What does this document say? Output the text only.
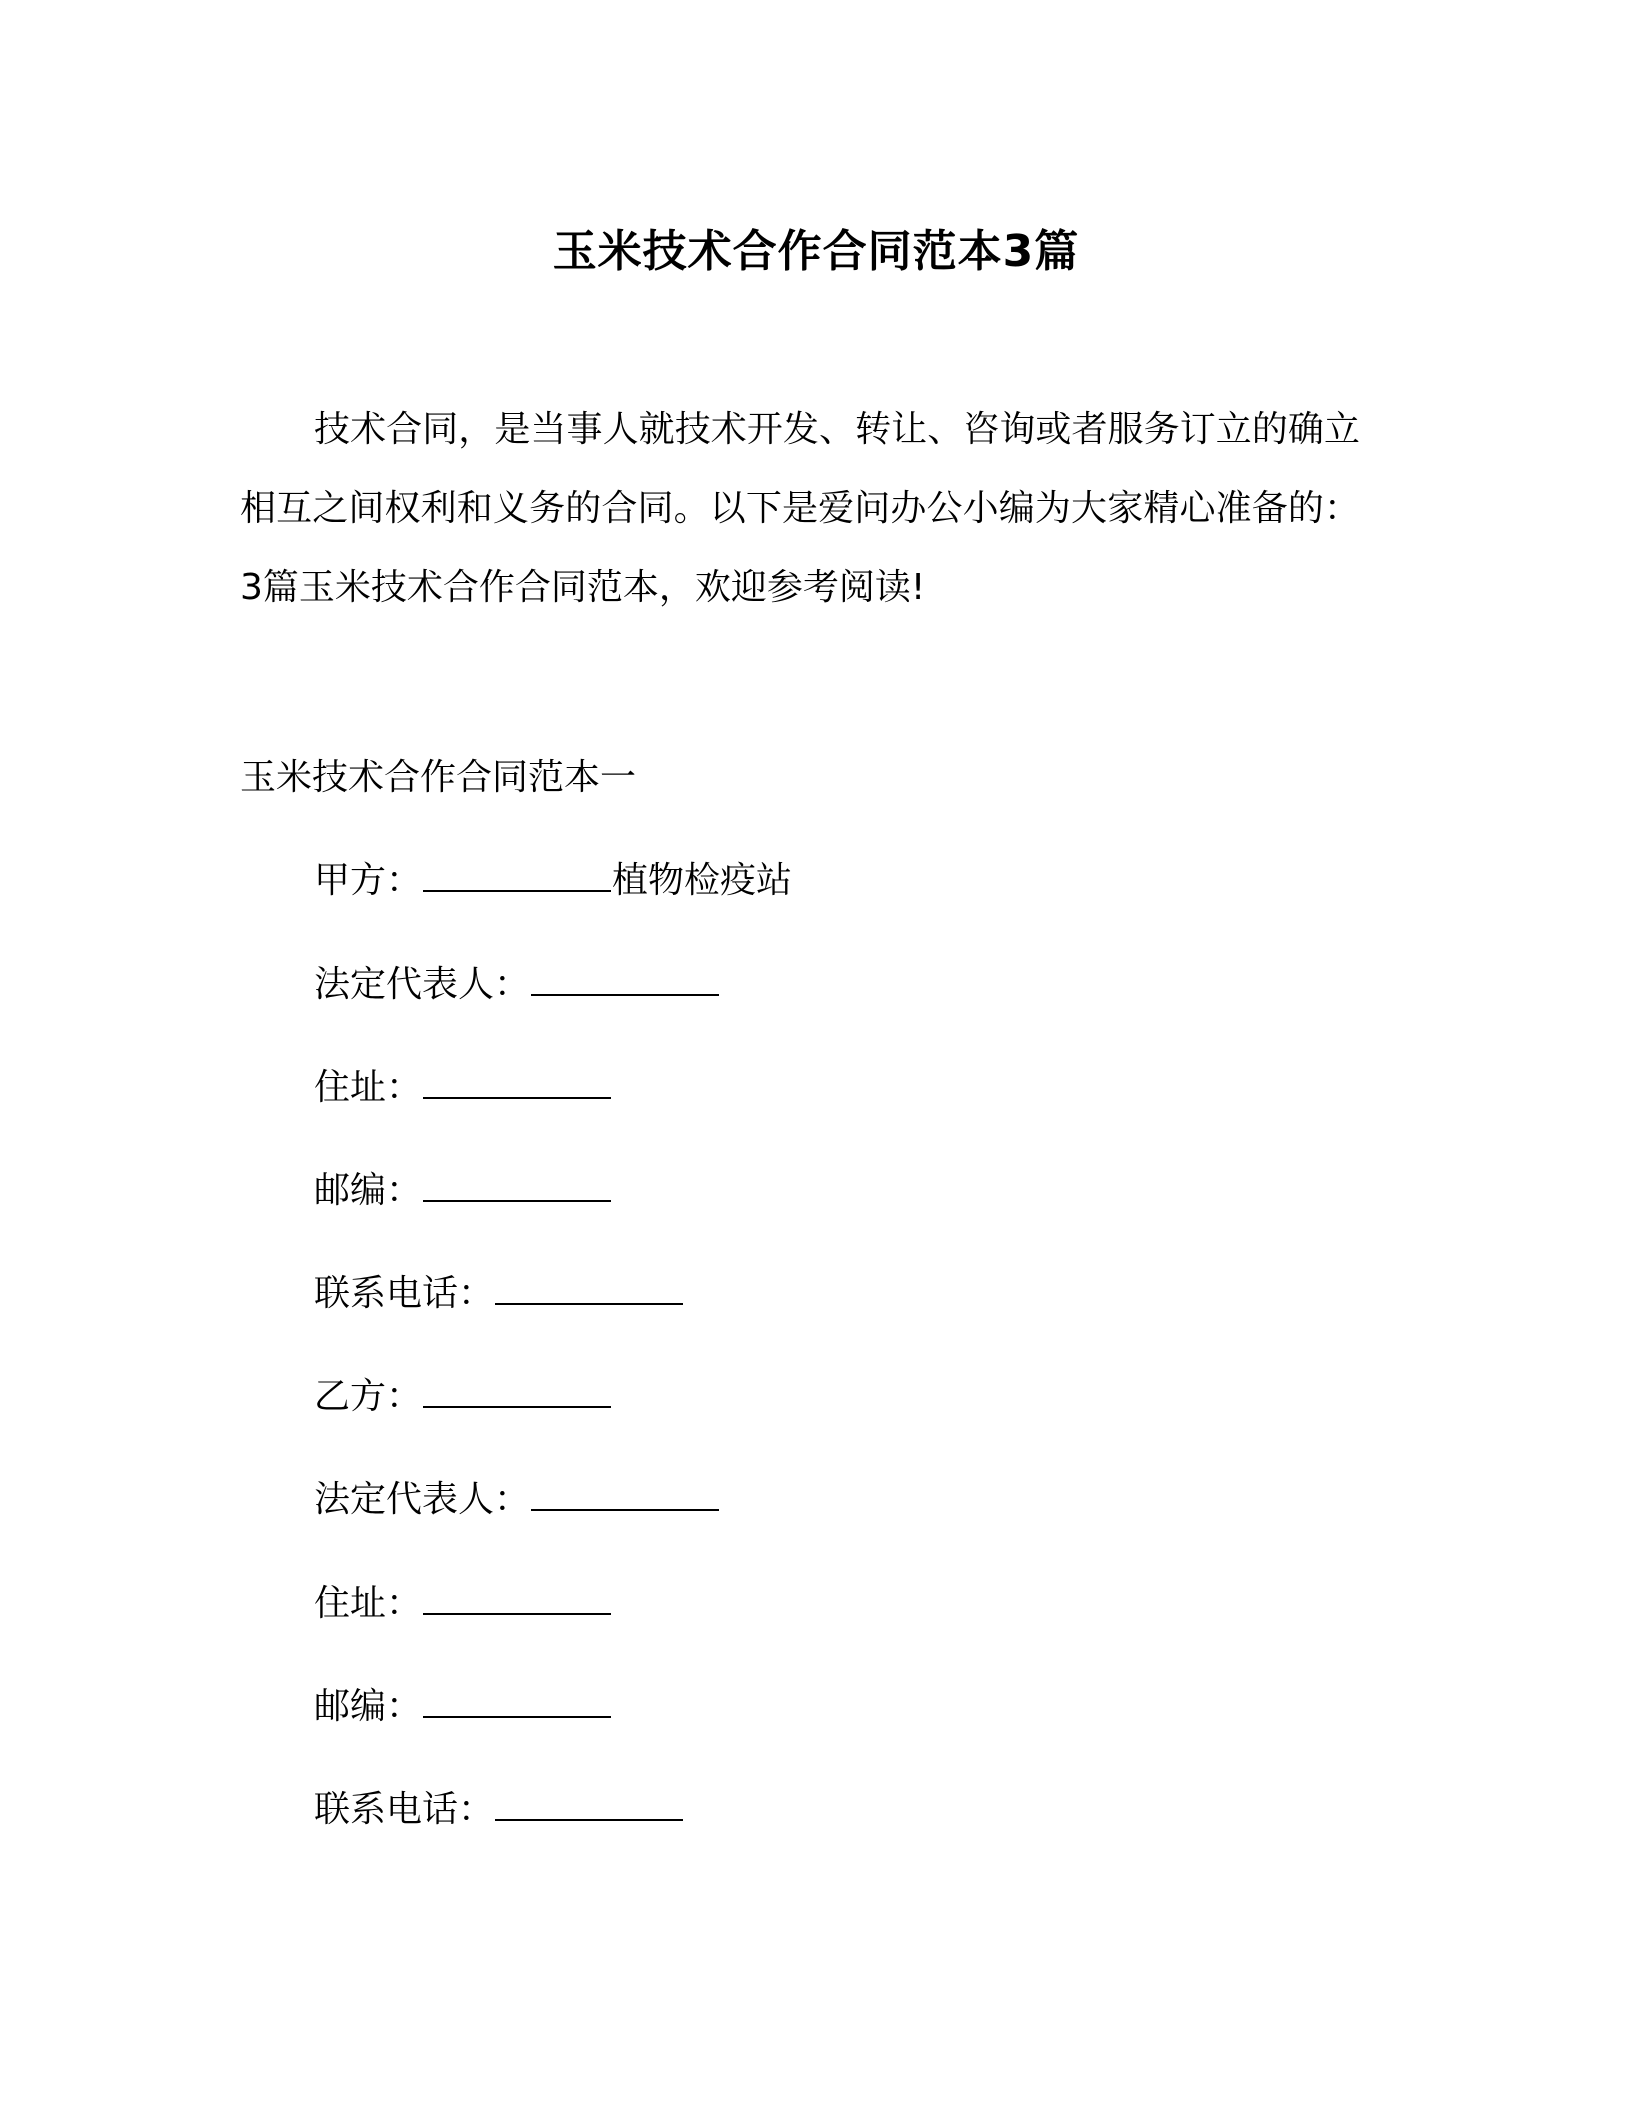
玉米技术合作合同范本3篇
技术合同，是当事人就技术开发、转让、咨询或者服务订立的确立相互之间权利和义务的合同。以下是爱问办公小编为大家精心准备的：3篇玉米技术合作合同范本，欢迎参考阅读!
玉米技术合作合同范本一
甲方：	植物检疫站
法定代表人：
住址：
邮编：
联系电话：
乙方：
法定代表人：
住址：
邮编：
联系电话：
